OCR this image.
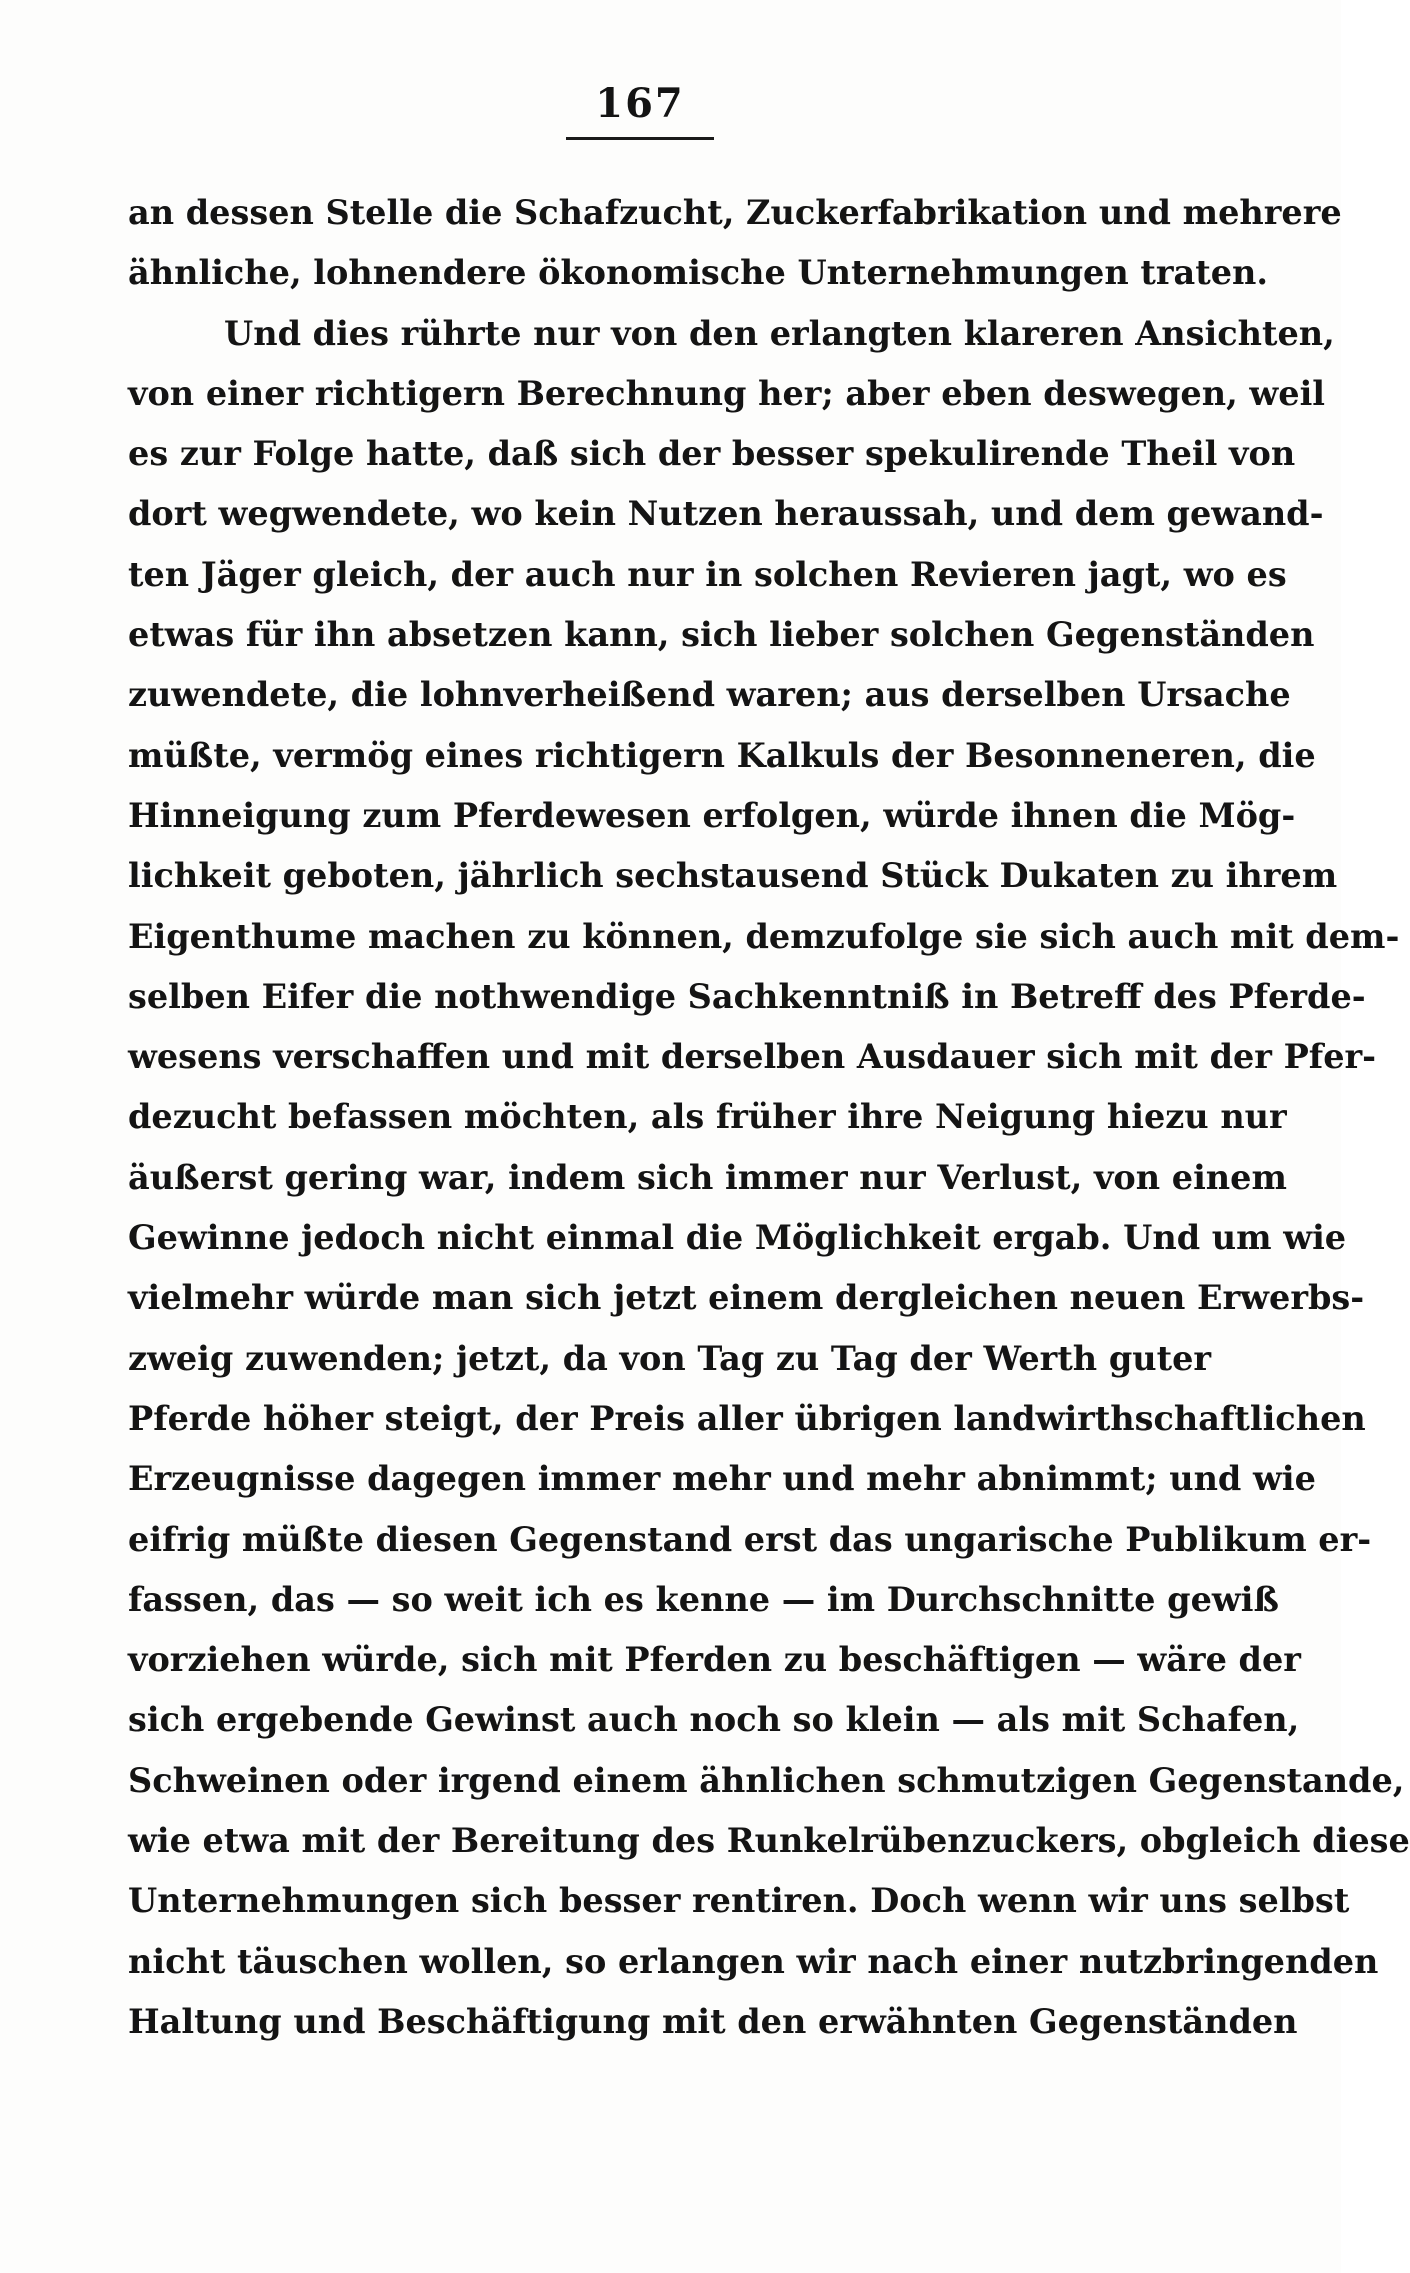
167
an dessen Stelle die Schafzucht, Zuckerfabrikation und mehrere
ähnliche, lohnendere ökonomische Unternehmungen traten.
Und dies rührte nur von den erlangten klareren Ansichten,
von einer richtigern Berechnung her; aber eben deswegen, weil
es zur Folge hatte, daß sich der besser spekulirende Theil von
dort wegwendete, wo kein Nutzen heraussah, und dem gewand-
ten Jäger gleich, der auch nur in solchen Revieren jagt, wo es
etwas für ihn absetzen kann, sich lieber solchen Gegenständen
zuwendete, die lohnverheißend waren; aus derselben Ursache
müßte, vermög eines richtigern Kalkuls der Besonneneren, die
Hinneigung zum Pferdewesen erfolgen, würde ihnen die Mög-
lichkeit geboten, jährlich sechstausend Stück Dukaten zu ihrem
Eigenthume machen zu können, demzufolge sie sich auch mit dem-
selben Eifer die nothwendige Sachkenntniß in Betreff des Pferde-
wesens verschaffen und mit derselben Ausdauer sich mit der Pfer-
dezucht befassen möchten, als früher ihre Neigung hiezu nur
äußerst gering war, indem sich immer nur Verlust, von einem
Gewinne jedoch nicht einmal die Möglichkeit ergab. Und um wie
vielmehr würde man sich jetzt einem dergleichen neuen Erwerbs-
zweig zuwenden; jetzt, da von Tag zu Tag der Werth guter
Pferde höher steigt, der Preis aller übrigen landwirthschaftlichen
Erzeugnisse dagegen immer mehr und mehr abnimmt; und wie
eifrig müßte diesen Gegenstand erst das ungarische Publikum er-
fassen, das — so weit ich es kenne — im Durchschnitte gewiß
vorziehen würde, sich mit Pferden zu beschäftigen — wäre der
sich ergebende Gewinst auch noch so klein — als mit Schafen,
Schweinen oder irgend einem ähnlichen schmutzigen Gegenstande,
wie etwa mit der Bereitung des Runkelrübenzuckers, obgleich diese
Unternehmungen sich besser rentiren. Doch wenn wir uns selbst
nicht täuschen wollen, so erlangen wir nach einer nutzbringenden
Haltung und Beschäftigung mit den erwähnten Gegenständen
